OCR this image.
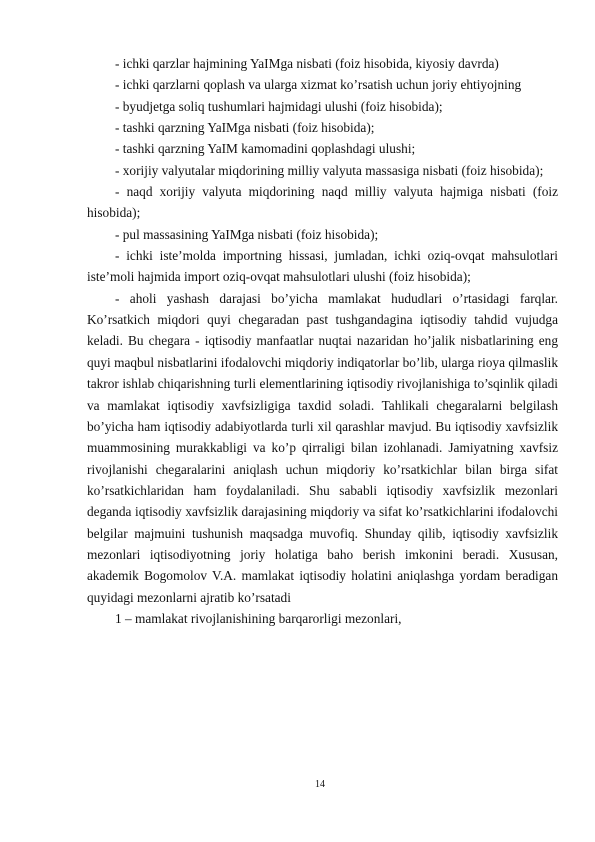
- ichki qarzlar hajmining YaIMga nisbati (foiz hisobida, kiyosiy davrda)

- ichki qarzlarni qoplash va ularga xizmat ko’rsatish uchun joriy ehtiyojning

- byudjetga soliq tushumlari hajmidagi ulushi (foiz hisobida);

- tashki qarzning YaIMga nisbati (foiz hisobida);

- tashki qarzning YaIM kamomadini qoplashdagi ulushi;

- xorijiy valyutalar miqdorining milliy valyuta massasiga nisbati (foiz hisobida);

- naqd xorijiy valyuta miqdorining naqd milliy valyuta hajmiga nisbati (foiz hisobida);

- pul massasining YaIMga nisbati (foiz hisobida);

- ichki iste’molda importning hissasi, jumladan, ichki oziq-ovqat mahsulotlari iste’moli hajmida import oziq-ovqat mahsulotlari ulushi (foiz hisobida);

- aholi yashash darajasi bo’yicha mamlakat hududlari o’rtasidagi farqlar. Ko’rsatkich miqdori quyi chegaradan past tushgandagina iqtisodiy tahdid vujudga keladi. Bu chegara - iqtisodiy manfaatlar nuqtai nazaridan ho’jalik nisbatlarining eng quyi maqbul nisbatlarini ifodalovchi miqdoriy indiqatorlar bo’lib, ularga rioya qilmaslik takror ishlab chiqarishning turli elementlarining iqtisodiy rivojlanishiga to’sqinlik qiladi va mamlakat iqtisodiy xavfsizligiga taxdid soladi. Tahlikali chegaralarni belgilash bo’yicha ham iqtisodiy adabiyotlarda turli xil qarashlar mavjud. Bu iqtisodiy xavfsizlik muammosining murakkabligi va ko’p qirraligi bilan izohlanadi. Jamiyatning xavfsiz rivojlanishi chegaralarini aniqlash uchun miqdoriy ko’rsatkichlar bilan birga sifat ko’rsatkichlaridan ham foydalaniladi. Shu sababli iqtisodiy xavfsizlik mezonlari deganda iqtisodiy xavfsizlik darajasining miqdoriy va sifat ko’rsatkichlarini ifodalovchi belgilar majmuini tushunish maqsadga muvofiq. Shunday qilib, iqtisodiy xavfsizlik mezonlari iqtisodiyotning joriy holatiga baho berish imkonini beradi. Xususan, akademik Bogomolov V.A. mamlakat iqtisodiy holatini aniqlashga yordam beradigan quyidagi mezonlarni ajratib ko’rsatadi

1 – mamlakat rivojlanishining barqarorligi mezonlari,

14
